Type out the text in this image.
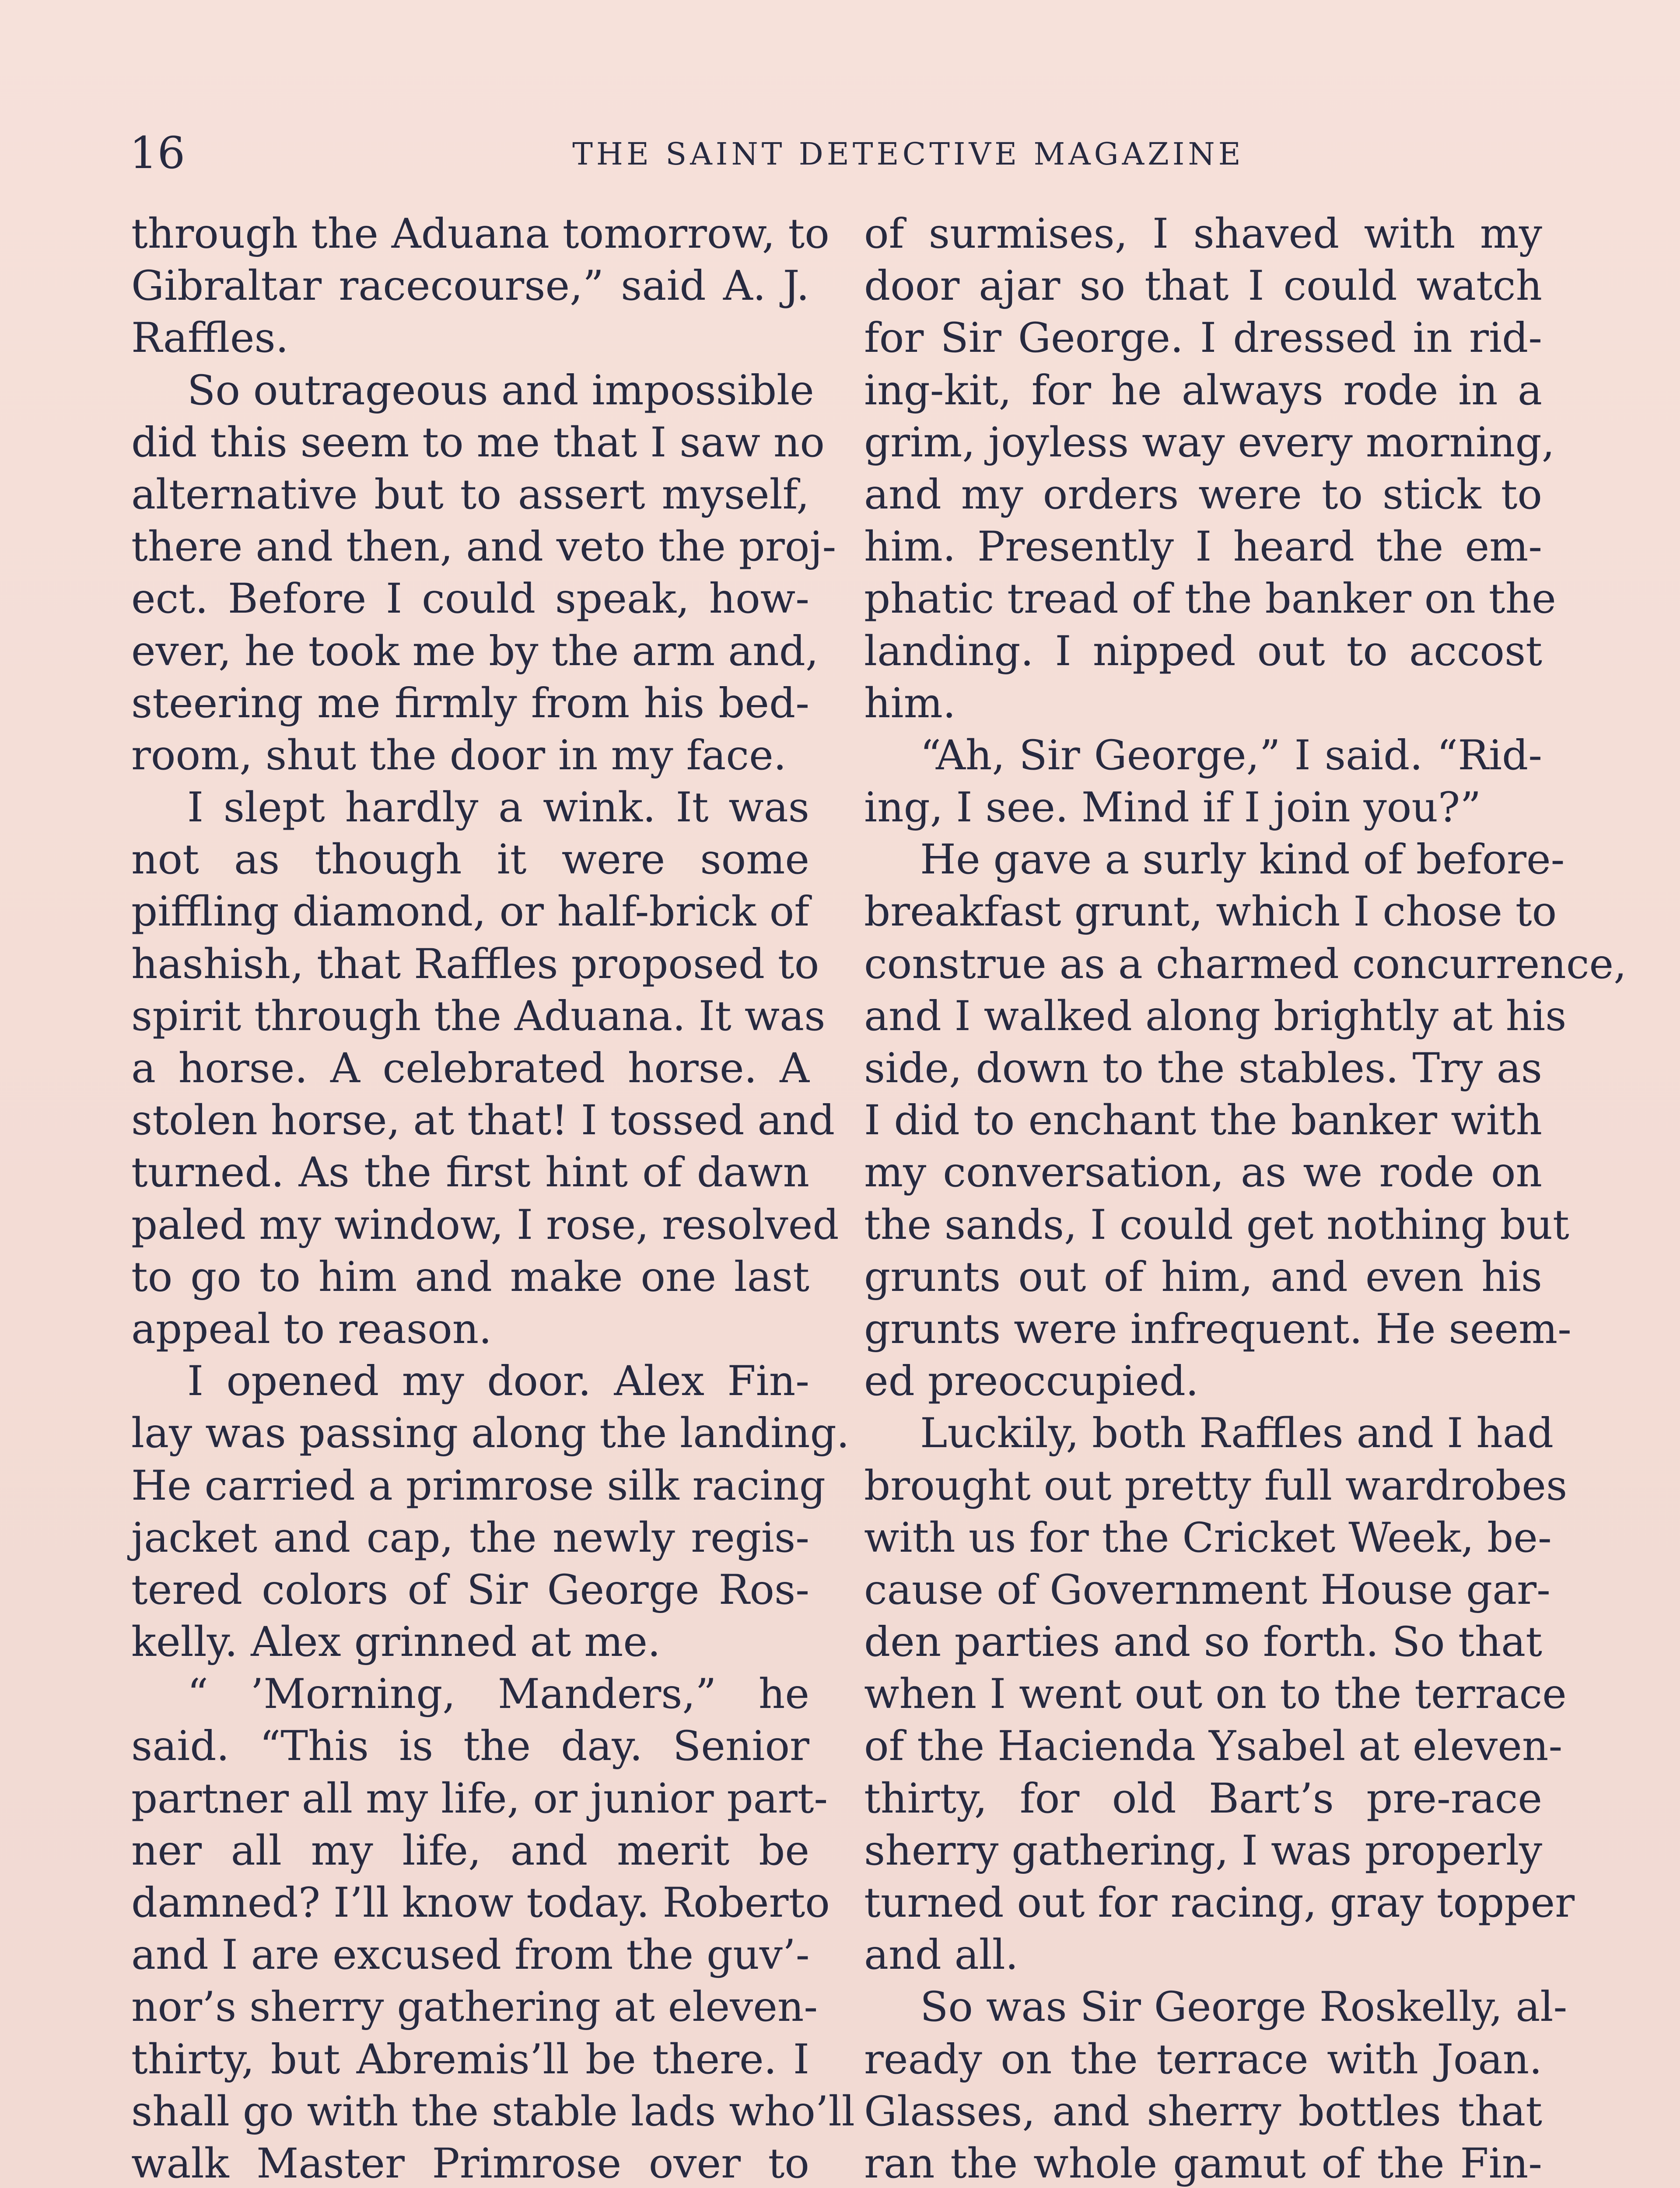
16	THE SAINT DETECTIVE MAGAZINE
through the Aduana tomorrow, to
Gibraltar racecourse,” said A. J.
Raffles.
So outrageous and impossible
did this seem to me that I saw no
alternative but to assert myself,
there and then, and veto the proj-
ect. Before I could speak, how-
ever, he took me by the arm and,
steering me firmly from his bed-
room, shut the door in my face.
I slept hardly a wink. It was
not as though it were some
piffling diamond, or half-brick of
hashish, that Raffles proposed to
spirit through the Aduana. It was
a horse. A celebrated horse. A
stolen horse, at that! I tossed and
turned. As the first hint of dawn
paled my window, I rose, resolved
to go to him and make one last
appeal to reason.
I opened my door. Alex Fin-
lay was passing along the landing.
He carried a primrose silk racing
jacket and cap, the newly regis-
tered colors of Sir George Ros-
kelly. Alex grinned at me.
“ ’Morning, Manders,” he
said. “This is the day. Senior
partner all my life, or junior part-
ner all my life, and merit be
damned? I’ll know today. Roberto
and I are excused from the guv’-
nor’s sherry gathering at eleven-
thirty, but Abremis’ll be there. I
shall go with the stable lads who’ll
walk Master Primrose over to
of surmises, I shaved with my
door ajar so that I could watch
for Sir George. I dressed in rid-
ing-kit, for he always rode in a
grim, joyless way every morning,
and my orders were to stick to
him. Presently I heard the em-
phatic tread of the banker on the
landing. I nipped out to accost
him.
“Ah, Sir George,” I said. “Rid-
ing, I see. Mind if I join you?”
He gave a surly kind of before-
breakfast grunt, which I chose to
construe as a charmed concurrence,
and I walked along brightly at his
side, down to the stables. Try as
I did to enchant the banker with
my conversation, as we rode on
the sands, I could get nothing but
grunts out of him, and even his
grunts were infrequent. He seem-
ed preoccupied.
Luckily, both Raffles and I had
brought out pretty full wardrobes
with us for the Cricket Week, be-
cause of Government House gar-
den parties and so forth. So that
when I went out on to the terrace
of the Hacienda Ysabel at eleven-
thirty, for old Bart’s pre-race
sherry gathering, I was properly
turned out for racing, gray topper
and all.
So was Sir George Roskelly, al-
ready on the terrace with Joan.
Glasses, and sherry bottles that
ran the whole gamut of the Fin-
